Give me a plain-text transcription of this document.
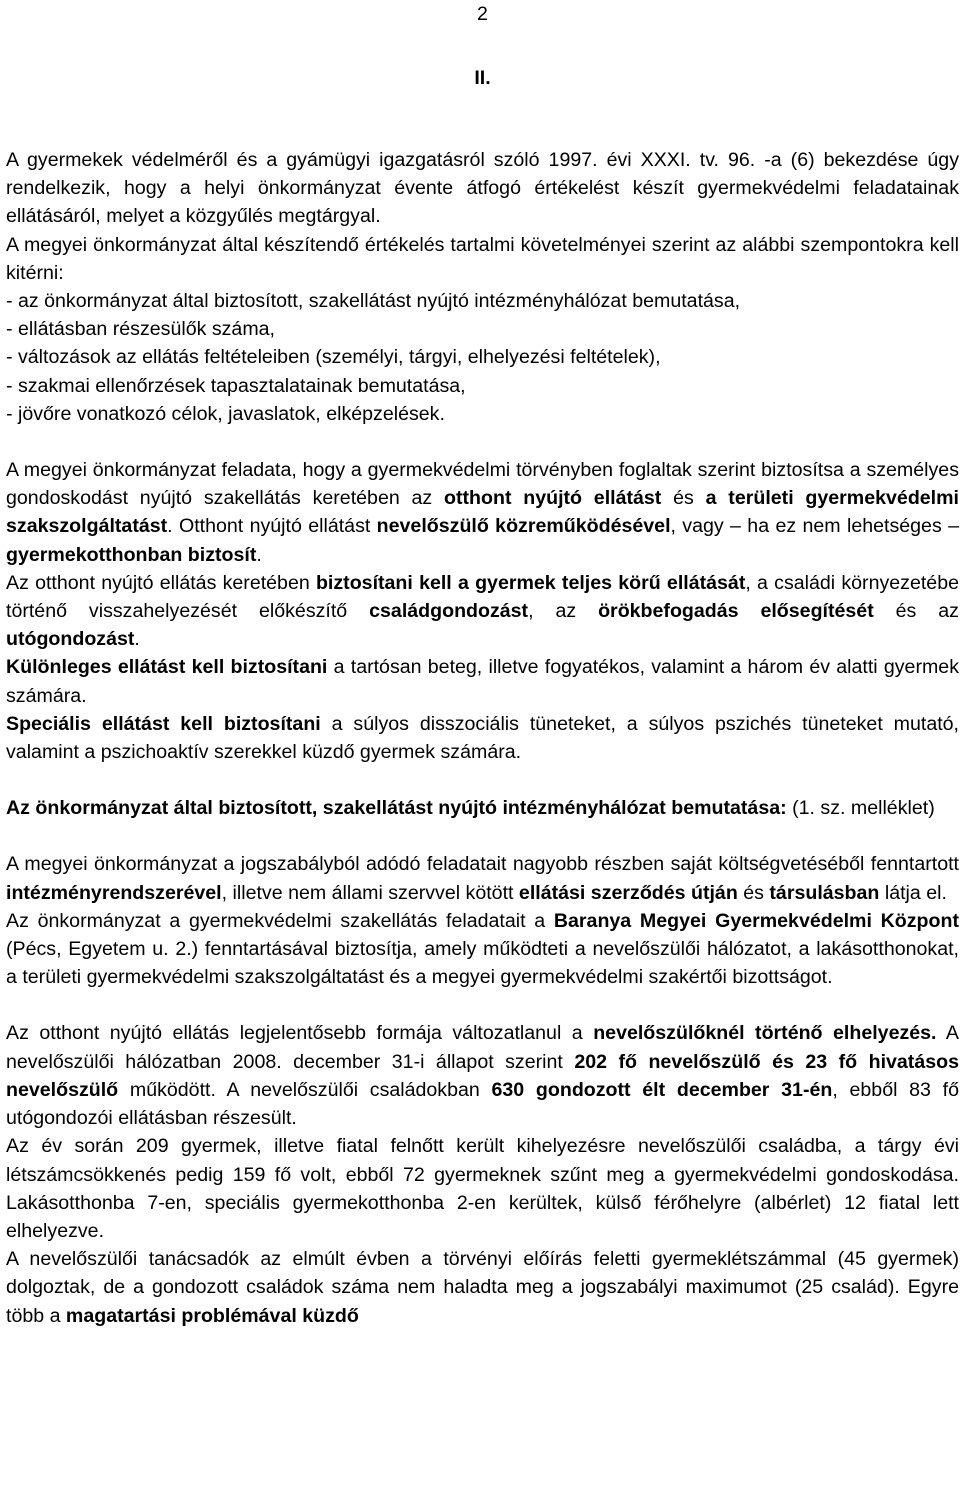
2

II.

A gyermekek védelméről és a gyámügyi igazgatásról szóló 1997. évi XXXI. tv. 96. -a (6) bekezdése úgy rendelkezik, hogy a helyi önkormányzat évente átfogó értékelést készít gyermekvédelmi feladatainak ellátásáról, melyet a közgyűlés megtárgyal.

A megyei önkormányzat által készítendő értékelés tartalmi követelményei szerint az alábbi szempontokra kell kitérni:

- az önkormányzat által biztosított, szakellátást nyújtó intézményhálózat bemutatása,
- ellátásban részesülők száma,
- változások az ellátás feltételeiben (személyi, tárgyi, elhelyezési feltételek),
- szakmai ellenőrzések tapasztalatainak bemutatása,
- jövőre vonatkozó célok, javaslatok, elképzelések.

A megyei önkormányzat feladata, hogy a gyermekvédelmi törvényben foglaltak szerint biztosítsa a személyes gondoskodást nyújtó szakellátás keretében az otthont nyújtó ellátást és a területi gyermekvédelmi szakszolgáltatást. Otthont nyújtó ellátást nevelőszülő közreműködésével, vagy – ha ez nem lehetséges – gyermekotthonban biztosít.

Az otthont nyújtó ellátás keretében biztosítani kell a gyermek teljes körű ellátását, a családi környezetébe történő visszahelyezését előkészítő családgondozást, az örökbefogadás elősegítését és az utógondozást.

Különleges ellátást kell biztosítani a tartósan beteg, illetve fogyatékos, valamint a három év alatti gyermek számára.

Speciális ellátást kell biztosítani a súlyos disszociális tüneteket, a súlyos pszichés tüneteket mutató, valamint a pszichoaktív szerekkel küzdő gyermek számára.

Az önkormányzat által biztosított, szakellátást nyújtó intézményhálózat bemutatása: (1. sz. melléklet)

A megyei önkormányzat a jogszabályból adódó feladatait nagyobb részben saját költségvetéséből fenntartott intézményrendszerével, illetve nem állami szervvel kötött ellátási szerződés útján és társulásban látja el.

Az önkormányzat a gyermekvédelmi szakellátás feladatait a Baranya Megyei Gyermekvédelmi Központ (Pécs, Egyetem u. 2.) fenntartásával biztosítja, amely működteti a nevelőszülői hálózatot, a lakásotthonokat, a területi gyermekvédelmi szakszolgáltatást és a megyei gyermekvédelmi szakértői bizottságot.

Az otthont nyújtó ellátás legjelentősebb formája változatlanul a nevelőszülőknél történő elhelyezés. A nevelőszülői hálózatban 2008. december 31-i állapot szerint 202 fő nevelőszülő és 23 fő hivatásos nevelőszülő működött. A nevelőszülői családokban 630 gondozott élt december 31-én, ebből 83 fő utógondozói ellátásban részesült.

Az év során 209 gyermek, illetve fiatal felnőtt került kihelyezésre nevelőszülői családba, a tárgy évi létszámcsökkenés pedig 159 fő volt, ebből 72 gyermeknek szűnt meg a gyermekvédelmi gondoskodása. Lakásotthonba 7-en, speciális gyermekotthonba 2-en kerültek, külső férőhelyre (albérlet) 12 fiatal lett elhelyezve.

A nevelőszülői tanácsadók az elmúlt évben a törvényi előírás feletti gyermeklétszámmal (45 gyermek) dolgoztak, de a gondozott családok száma nem haladta meg a jogszabályi maximumot (25 család). Egyre több a magatartási problémával küzdő
